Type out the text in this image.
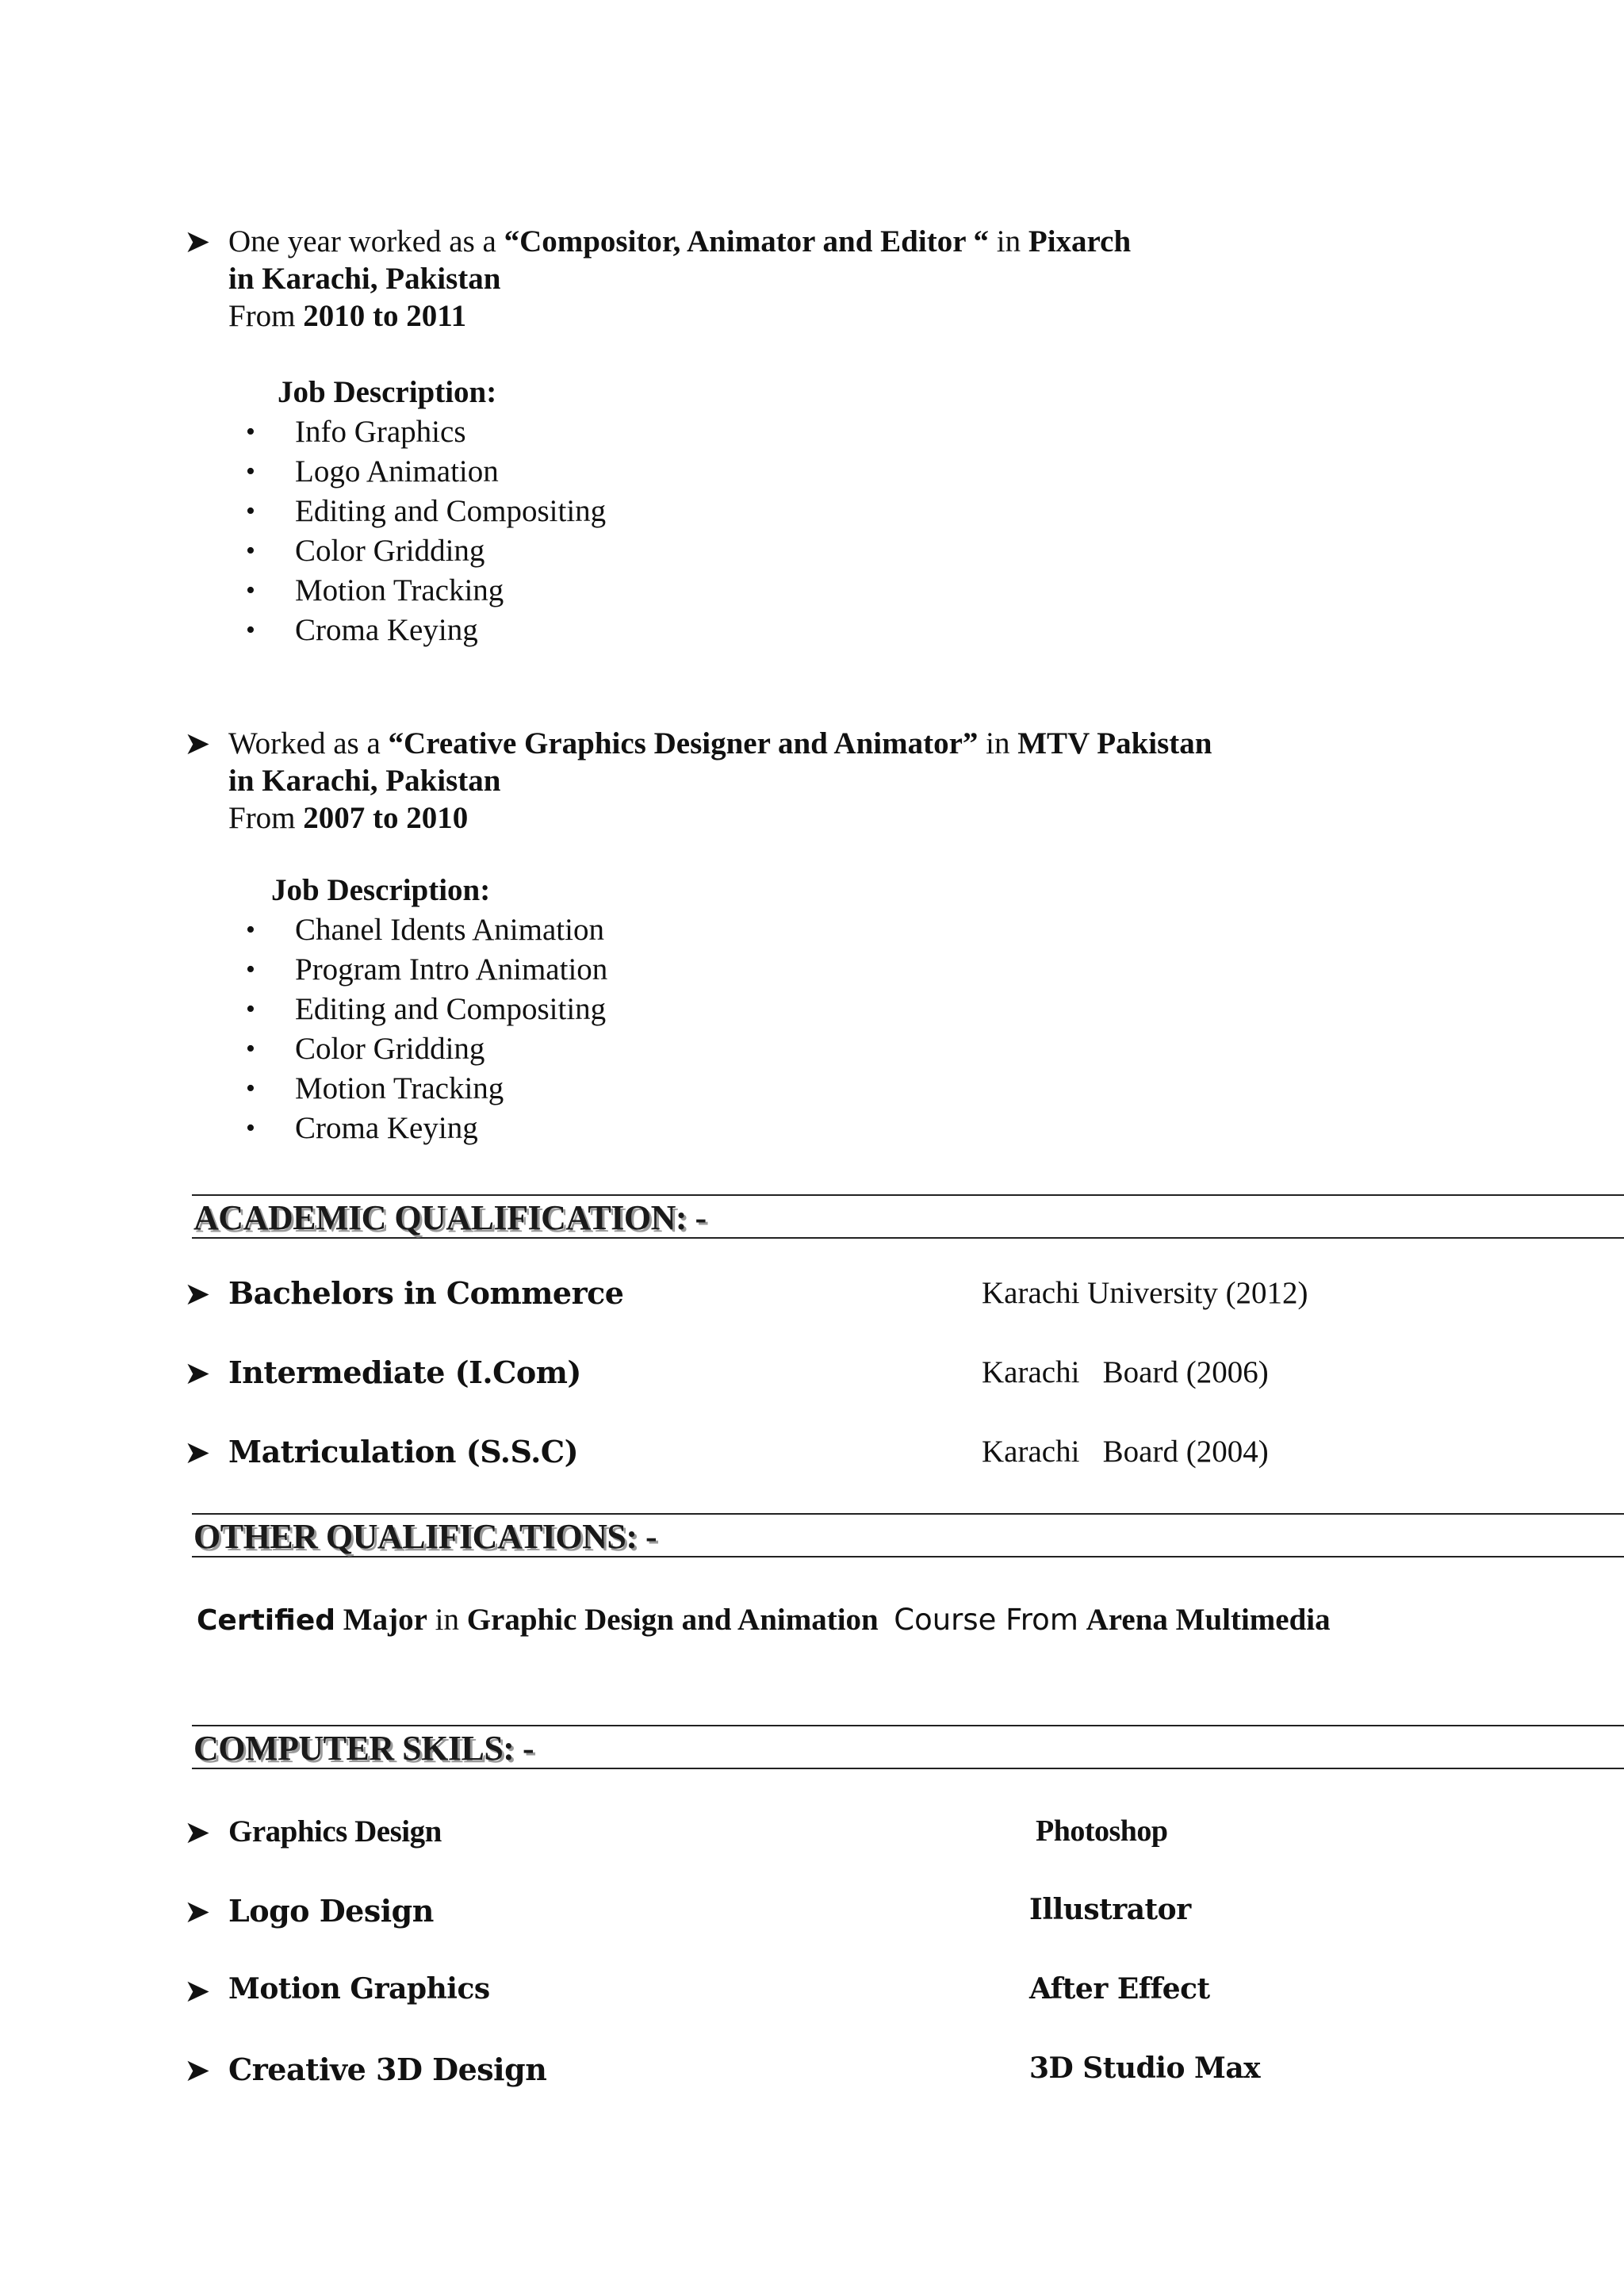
➤ One year worked as a “Compositor, Animator and Editor “ in Pixarch
in Karachi, Pakistan
From 2010 to 2011
Job Description:
• Info Graphics
• Logo Animation
• Editing and Compositing
• Color Gridding
• Motion Tracking
• Croma Keying
➤ Worked as a “Creative Graphics Designer and Animator” in MTV Pakistan
in Karachi, Pakistan
From 2007 to 2010
Job Description:
• Chanel Idents Animation
• Program Intro Animation
• Editing and Compositing
• Color Gridding
• Motion Tracking
• Croma Keying
ACADEMIC QUALIFICATION: -
➤ Bachelors in Commerce	Karachi University (2012)
➤ Intermediate (I.Com)	Karachi   Board (2006)
➤ Matriculation (S.S.C)	Karachi   Board (2004)
OTHER QUALIFICATIONS: -
Certified Major in Graphic Design and Animation Course From Arena Multimedia
COMPUTER SKILS: -
➤ Graphics Design	Photoshop
➤ Logo Design	Illustrator
➤ Motion Graphics	After Effect
➤ Creative 3D Design	3D Studio Max
